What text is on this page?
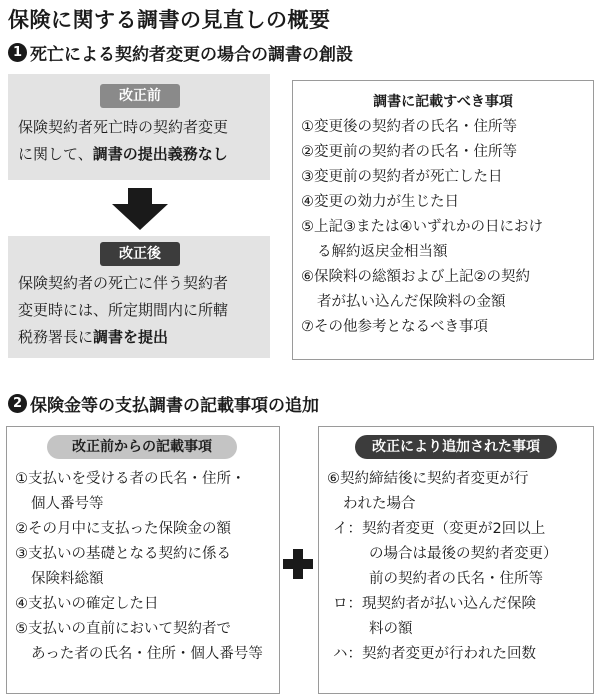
保険に関する調書の見直しの概要
1 死亡による契約者変更の場合の調書の創設
改正前
保険契約者死亡時の契約者変更
に関して、調書の提出義務なし
改正後
保険契約者の死亡に伴う契約者
変更時には、所定期間内に所轄
税務署長に調書を提出
調書に記載すべき事項
①変更後の契約者の氏名・住所等
②変更前の契約者の氏名・住所等
③変更前の契約者が死亡した日
④変更の効力が生じた日
⑤上記③または④いずれかの日におけ
る解約返戻金相当額
⑥保険料の総額および上記②の契約
者が払い込んだ保険料の金額
⑦その他参考となるべき事項
2 保険金等の支払調書の記載事項の追加
改正前からの記載事項
①支払いを受ける者の氏名・住所・
個人番号等
②その月中に支払った保険金の額
③支払いの基礎となる契約に係る
保険料総額
④支払いの確定した日
⑤支払いの直前において契約者で
あった者の氏名・住所・個人番号等
改正により追加された事項
⑥契約締結後に契約者変更が行
われた場合
イ：契約者変更（変更が2回以上
の場合は最後の契約者変更）
前の契約者の氏名・住所等
ロ：現契約者が払い込んだ保険
料の額
ハ：契約者変更が行われた回数
